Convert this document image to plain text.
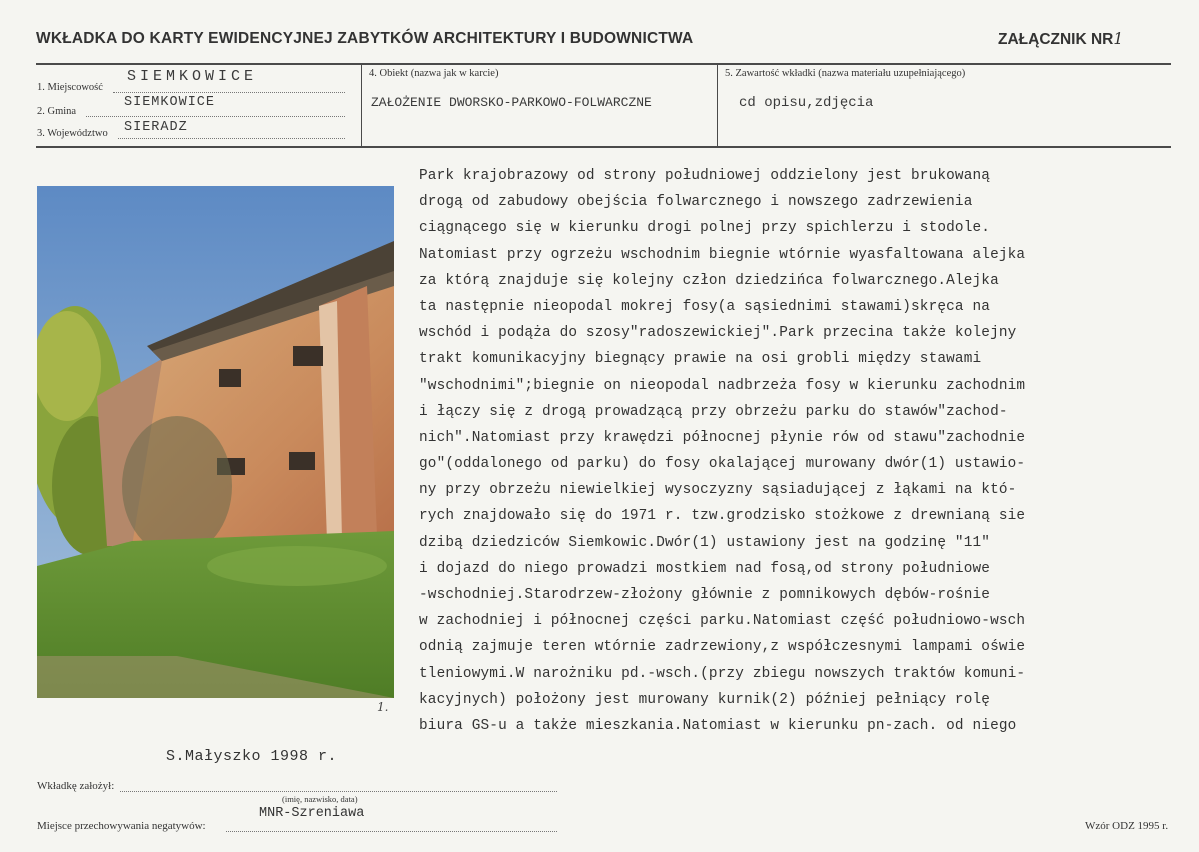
WKŁADKA DO KARTY EWIDENCYJNEJ ZABYTKÓW ARCHITEKTURY I BUDOWNICTWA	ZAŁĄCZNIK NR1
1. Miejscowość
SIEMKOWICE
2. Gmina
SIEMKOWICE
3. Województwo SIERADZ
4. Obiekt (nazwa jak w karcie)
ZAŁOŻENIE DWORSKO-PARKOWO-FOLWARCZNE
5. Zawartość wkładki (nazwa materiału uzupełniającego)
cd opisu,zdjęcia
1.
Park krajobrazowy od strony południowej oddzielony jest brukowaną
drogą od zabudowy obejścia folwarcznego i nowszego zadrzewienia
ciągnącego się w kierunku drogi polnej przy spichlerzu i stodole.
Natomiast przy ogrzeżu wschodnim biegnie wtórnie wyasfaltowana alejka
za którą znajduje się kolejny człon dziedzińca folwarcznego.Alejka
ta następnie nieopodal mokrej fosy(a sąsiednimi stawami)skręca na
wschód i podąża do szosy"radoszewickiej".Park przecina także kolejny
trakt komunikacyjny biegnący prawie na osi grobli między stawami
"wschodnimi";biegnie on nieopodal nadbrzeża fosy w kierunku zachodnim
i łączy się z drogą prowadzącą przy obrzeżu parku do stawów"zachod-
nich".Natomiast przy krawędzi północnej płynie rów od stawu"zachodnie
go"(oddalonego od parku) do fosy okalającej murowany dwór(1) ustawio-
ny przy obrzeżu niewielkiej wysoczyzny sąsiadującej z łąkami na któ-
rych znajdowało się do 1971 r. tzw.grodzisko stożkowe z drewnianą sie
dzibą dziedziców Siemkowic.Dwór(1) ustawiony jest na godzinę "11"
i dojazd do niego prowadzi mostkiem nad fosą,od strony południowe
-wschodniej.Starodrzew-złożony głównie z pomnikowych dębów-rośnie
w zachodniej i północnej części parku.Natomiast część południowo-wsch
odnią zajmuje teren wtórnie zadrzewiony,z współczesnymi lampami oświe
tleniowymi.W narożniku pd.-wsch.(przy zbiegu nowszych traktów komuni-
kacyjnych) położony jest murowany kurnik(2) później pełniący rolę
biura GS-u a także mieszkania.Natomiast w kierunku pn-zach. od niego
S.Małyszko 1998 r.
Wkładkę założył:
(imię, nazwisko, data)
MNR-Szreniawa
Miejsce przechowywania negatywów:	Wzór ODZ 1995 r.
